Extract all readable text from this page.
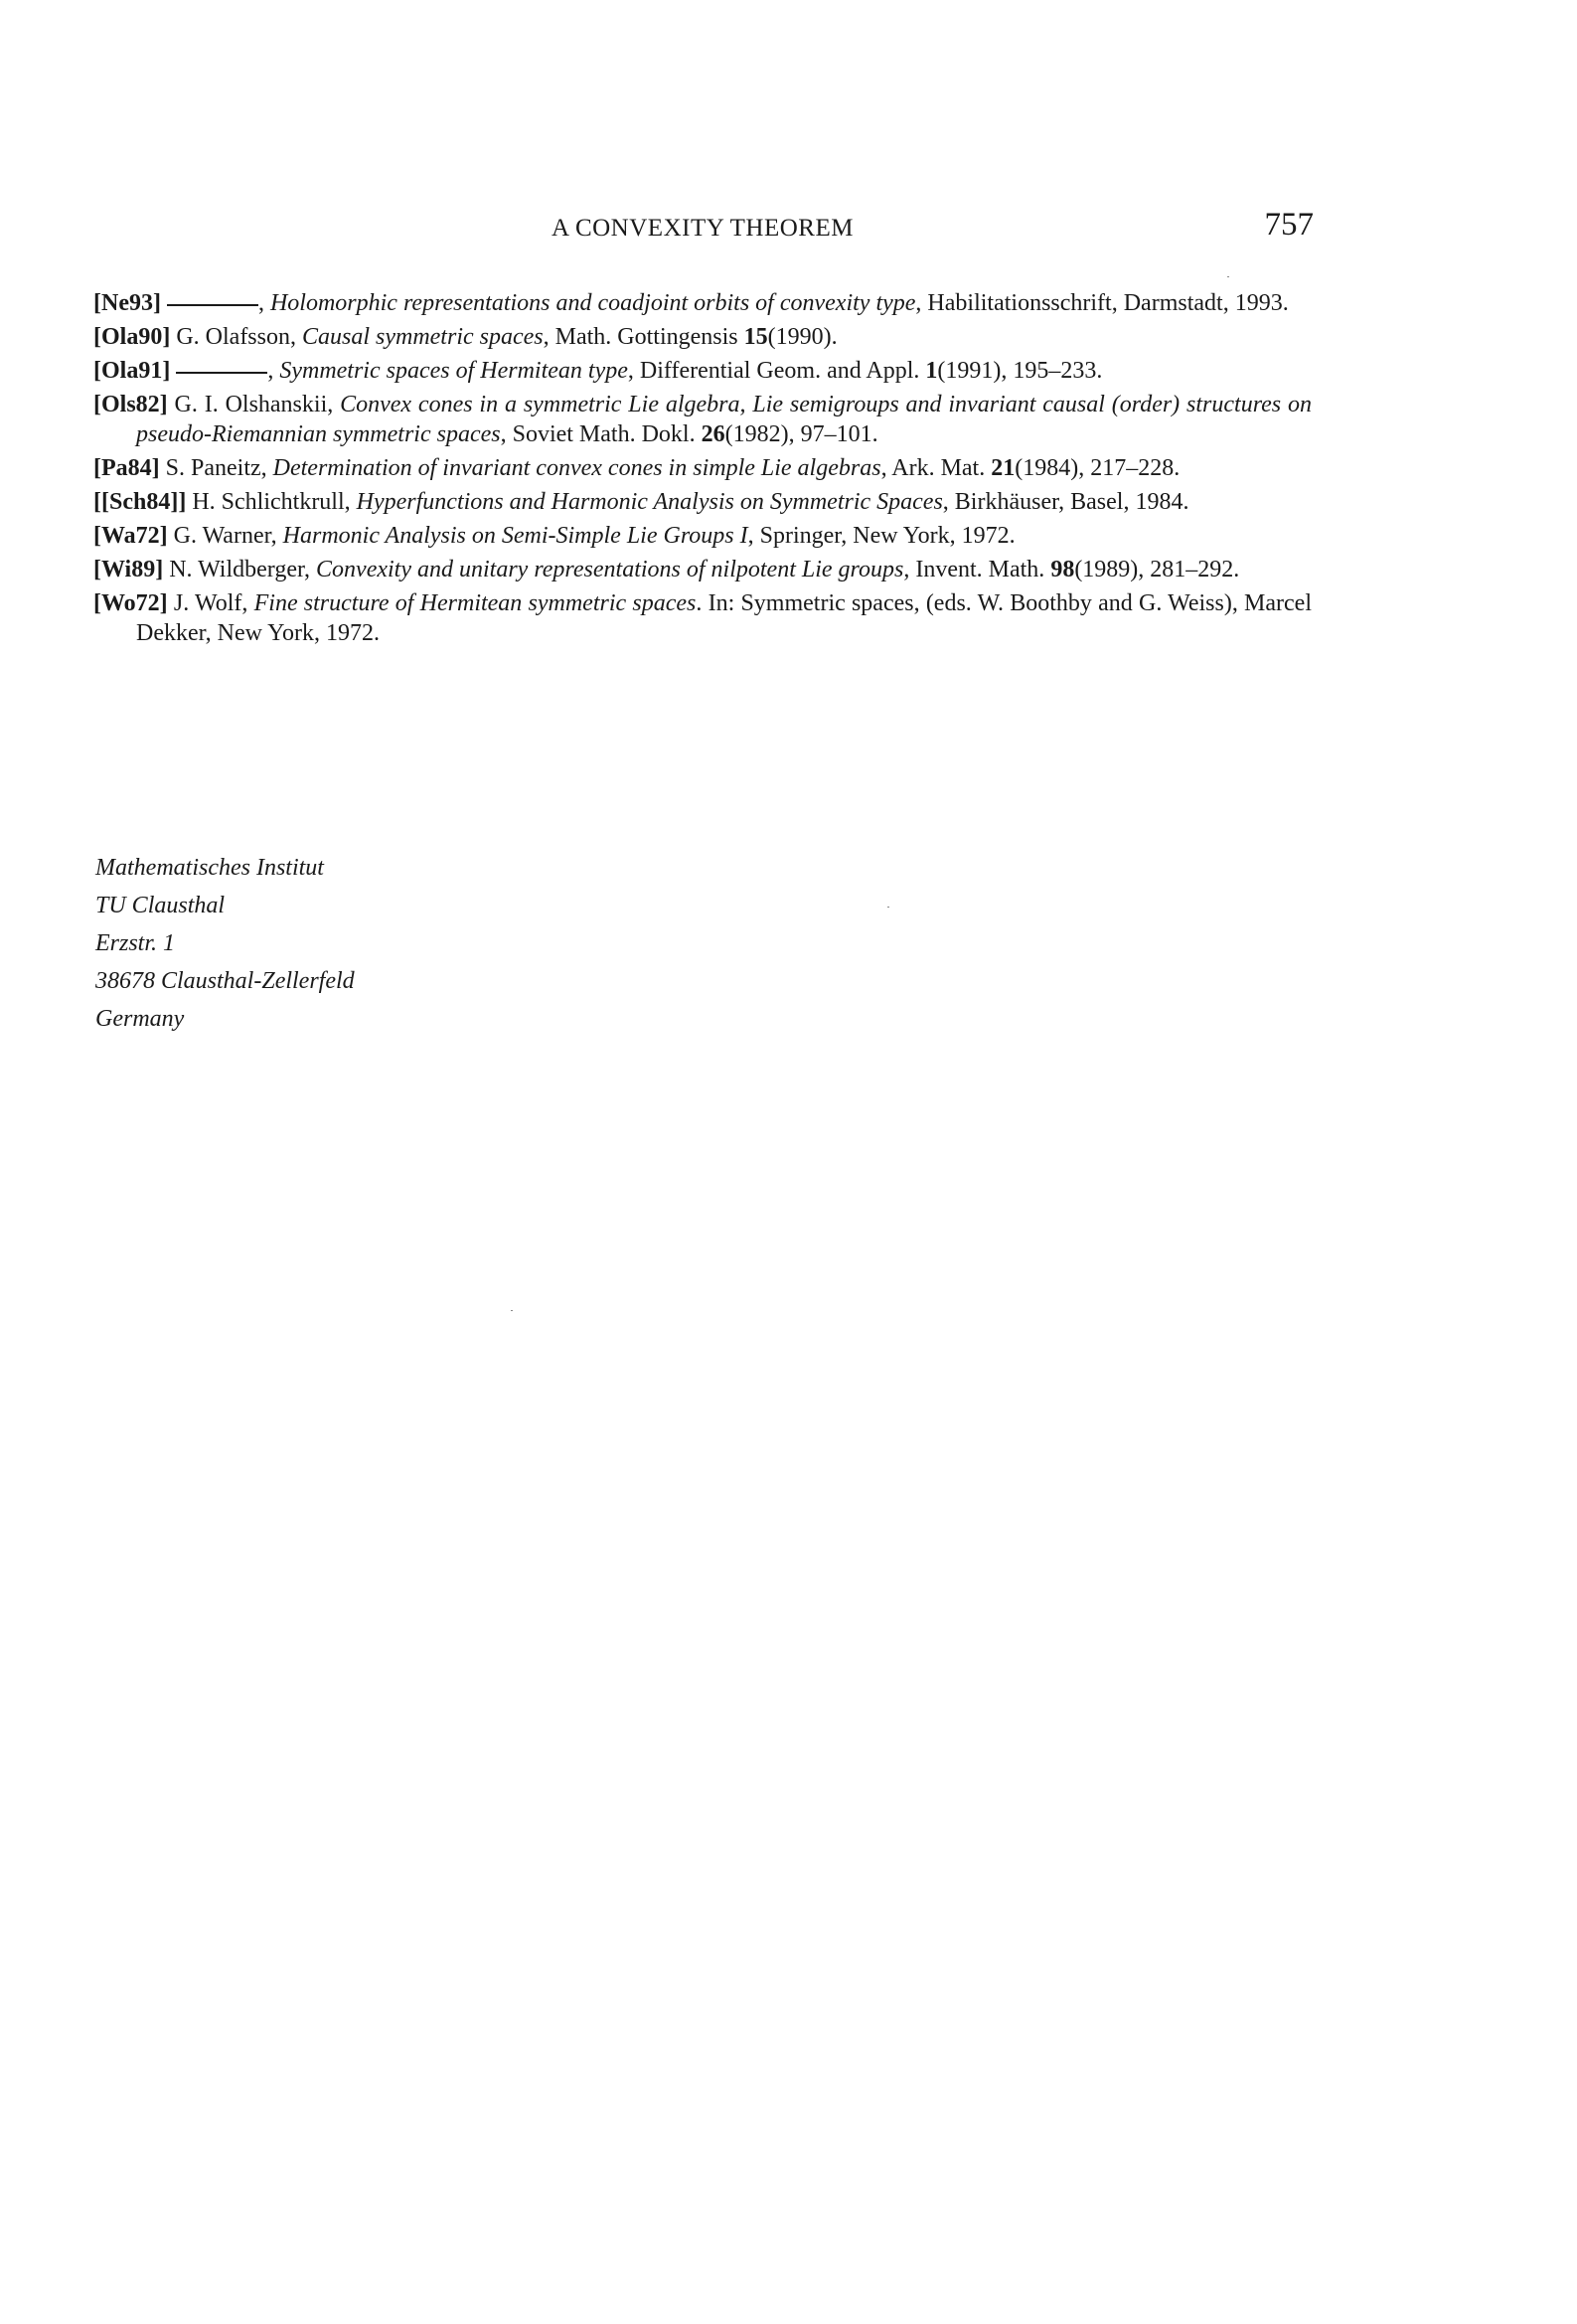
A CONVEXITY THEOREM	757
[Ne93]	, Holomorphic representations and coadjoint orbits of convexity type, Habilitationsschrift, Darmstadt, 1993.
[Ola90] G. Olafsson, Causal symmetric spaces, Math. Gottingensis 15(1990).
[Ola91]	, Symmetric spaces of Hermitean type, Differential Geom. and Appl. 1(1991), 195–233.
[Ols82] G. I. Olshanskii, Convex cones in a symmetric Lie algebra, Lie semigroups and invariant causal (order) structures on pseudo-Riemannian symmetric spaces, Soviet Math. Dokl. 26(1982), 97–101.
[Pa84] S. Paneitz, Determination of invariant convex cones in simple Lie algebras, Ark. Mat. 21(1984), 217–228.
[[Sch84]] H. Schlichtkrull, Hyperfunctions and Harmonic Analysis on Symmetric Spaces, Birkhäuser, Basel, 1984.
[Wa72] G. Warner, Harmonic Analysis on Semi-Simple Lie Groups I, Springer, New York, 1972.
[Wi89] N. Wildberger, Convexity and unitary representations of nilpotent Lie groups, Invent. Math. 98(1989), 281–292.
[Wo72] J. Wolf, Fine structure of Hermitean symmetric spaces. In: Symmetric spaces, (eds. W. Boothby and G. Weiss), Marcel Dekker, New York, 1972.
Mathematisches Institut
TU Clausthal
Erzstr. 1
38678 Clausthal-Zellerfeld
Germany
